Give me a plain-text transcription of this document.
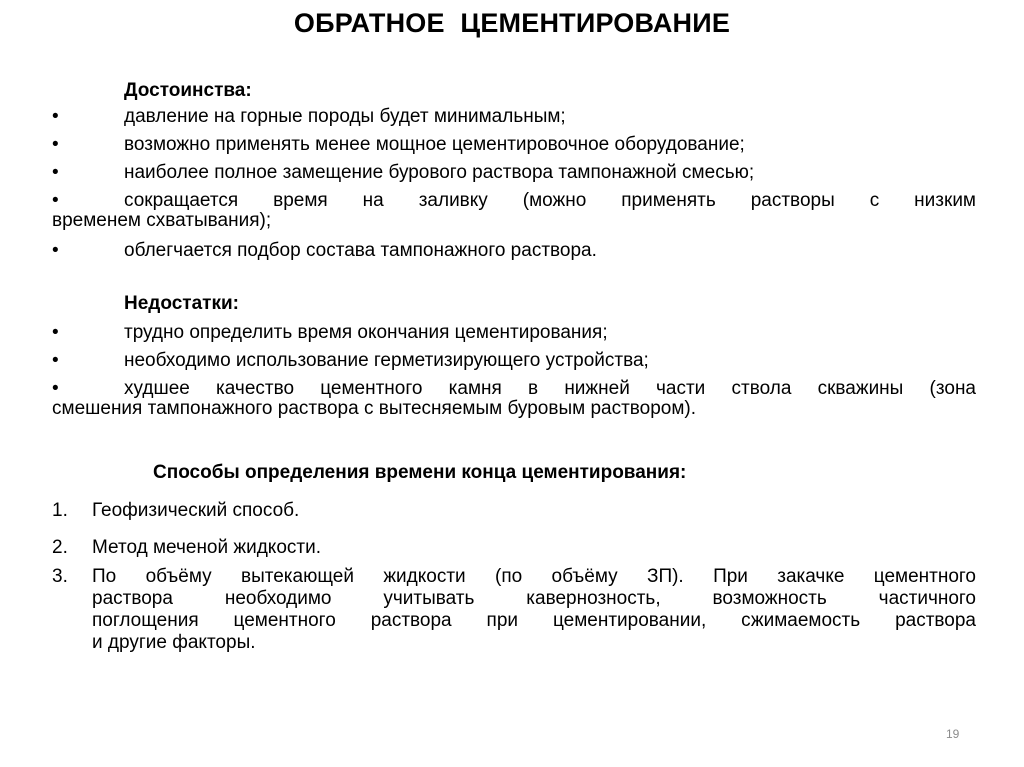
ОБРАТНОЕ ЦЕМЕНТИРОВАНИЕ
Достоинства:
•	давление на горные породы будет минимальным;
•	возможно применять менее мощное цементировочное оборудование;
•	наиболее полное замещение бурового раствора тампонажной смесью;
•	сокращается время на заливку (можно применять растворы с низким
временем схватывания);
•	облегчается подбор состава тампонажного раствора.
Недостатки:
•	трудно определить время окончания цементирования;
•	необходимо использование герметизирующего устройства;
•	худшее качество цементного камня в нижней части ствола скважины (зона
смешения тампонажного раствора с вытесняемым буровым раствором).
Способы определения времени конца цементирования:
1. Геофизический способ.
2. Метод меченой жидкости.
3. По объёму вытекающей жидкости (по объёму ЗП). При закачке цементного
раствора необходимо учитывать кавернозность, возможность частичного
поглощения цементного раствора при цементировании, сжимаемость раствора
и другие факторы.
19
